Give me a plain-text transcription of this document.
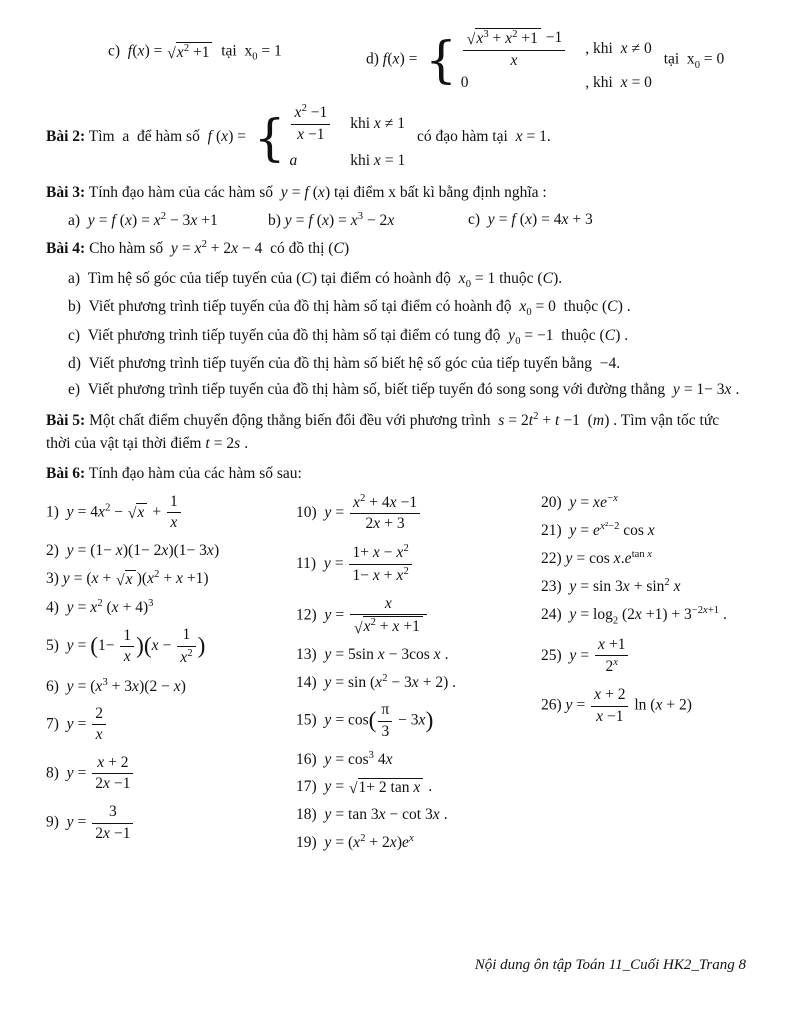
c)  f(x) = √ $x^2 +1$ tại  $x_0 = 1$	d) f(x) = { $\frac{√ x^3 + x^2 +1 -1}{x}$ , khi  x ≠ 0
0	, khi  x = 0
tại  $x_0 = 0$
Bài 2: Tìm  a  để hàm số  f (x) = { $\frac{x^2 -1}{x -1}$ khi x ≠ 1
a	khi x = 1
có đạo hàm tại  x = 1.
Bài 3: Tính đạo hàm của các hàm số  y = f (x) tại điểm x bất kì bằng định nghĩa :
a)  y = f $(x) = x^2 - 3x +1$	b) y = f $(x) = x^3 - 2x$	c)  y = f (x) = 4x + 3
Bài 4: Cho hàm số  $y = x^2 + 2x - 4$  có đồ thị (C)
a)  Tìm hệ số góc của tiếp tuyến của (C) tại điểm có hoành độ  $x_0 = 1$ thuộc (C).
b)  Viết phương trình tiếp tuyến của đồ thị hàm số tại điểm có hoành độ  $x_0 = 0$  thuộc (C) .
c)  Viết phương trình tiếp tuyến của đồ thị hàm số tại điểm có tung độ  $y_0 = -1$  thuộc (C) .
d)  Viết phương trình tiếp tuyến của đồ thị hàm số biết hệ số góc của tiếp tuyến bằng  −4.
e)  Viết phương trình tiếp tuyến của đồ thị hàm số, biết tiếp tuyến đó song song với đường thẳng  y = 1− 3x .
Bài 5: Một chất điểm chuyển động thẳng biến đổi đều với phương trình  $s = 2t^2 + t -1$  (m) . Tìm vận tốc tức thời của vật tại thời điểm t = 2s .
Bài 6: Tính đạo hàm của các hàm số sau:
1)  $y = 4x^2$ − √ $x + \frac{1}{x}$
2)  y = (1− x)(1− 2x)(1− 3x)
3) y = (x + √ x )$(x^2 + x +1)$
4)  $y = x^2$ $(x + 4)^3$
5)  $y = (1- \frac{1}{x} )(x - \frac{1}{x^2}$ )
6)  $y = (x^3 + 3x)(2 - x)$
7)  $y = \frac{2}{x}$
8)  $y = \frac{x + 2}{2x -1}$
9)  $y = \frac{3}{2x -1}$
10)  $y = \frac{x^2 + 4x -1}{2x + 3}$
11)  $y = \frac{1+ x - x^2}{1- x + x^2}$
12)  $y = \frac{x}{√ x^2 + x +1}$
13)  y = 5sin x − 3cos x .
14)  $y = \sin (x^2 - 3x + 2)$ .
15)  $y = \cos( \frac{\pi}{3} - 3x)$
16)  $y = \cos^3 4x$
17)  y = √ 1+ 2 tan x .
18)  y = tan 3x − cot 3x .
19)  $y = (x^2 + 2x)e^x$
20)  $y = xe^{-x}$
21)  $y = e^{x^2-2}$ cos x
22) $y = \cos x.e^{tan x}$
23)  $y = \sin 3x + \sin^2 x$
24)  $y = \log_2 (2x +1) + 3^{-2x+1}$ .
25)  $y = \frac{x +1}{2^x}$
26) $y = \frac{x + 2}{x -1}$ ln (x + 2)
Nội dung ôn tập Toán 11_Cuối HK2_Trang 8
